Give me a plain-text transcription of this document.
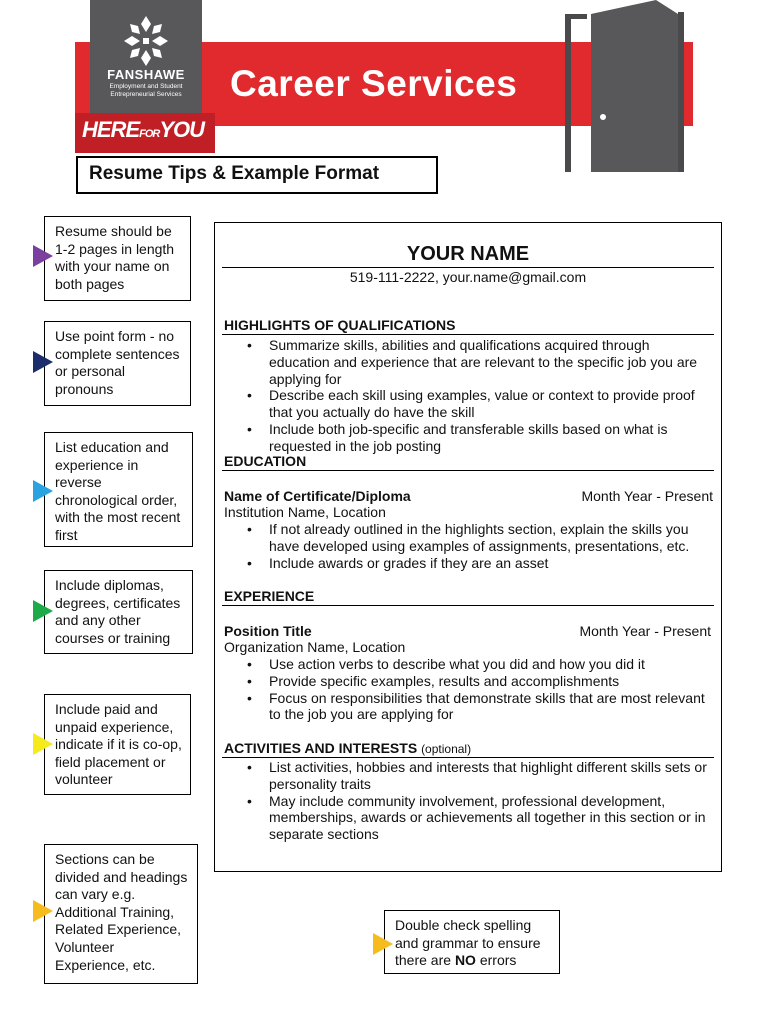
FANSHAWE
Employment and Student Entrepreneurial Services	Career Services
HEREFORYOU
Resume Tips & Example Format
Resume should be 1-2 pages in length with your name on both pages
Use point form - no complete sentences or personal pronouns
List education and experience in reverse chronological order, with the most recent first
Include diplomas, degrees, certificates and any other courses or training
Include paid and unpaid experience, indicate if it is co-op, field placement or volunteer
Sections can be divided and headings can vary e.g. Additional Training, Related Experience, Volunteer Experience, etc.
Double check spelling and grammar to ensure there are NO errors
YOUR NAME
519-111-2222, your.name@gmail.com
HIGHLIGHTS OF QUALIFICATIONS
• Summarize skills, abilities and qualifications acquired through education and experience that are relevant to the specific job you are applying for
• Describe each skill using examples, value or context to provide proof that you actually do have the skill
• Include both job-specific and transferable skills based on what is requested in the job posting
EDUCATION
Name of Certificate/Diploma	Month Year - Present
Institution Name, Location
• If not already outlined in the highlights section, explain the skills you have developed using examples of assignments, presentations, etc.
• Include awards or grades if they are an asset
EXPERIENCE
Position Title	Month Year - Present
Organization Name, Location
• Use action verbs to describe what you did and how you did it
• Provide specific examples, results and accomplishments
• Focus on responsibilities that demonstrate skills that are most relevant to the job you are applying for
ACTIVITIES AND INTERESTS (optional)
• List activities, hobbies and interests that highlight different skills sets or personality traits
• May include community involvement, professional development, memberships, awards or achievements all together in this section or in separate sections
